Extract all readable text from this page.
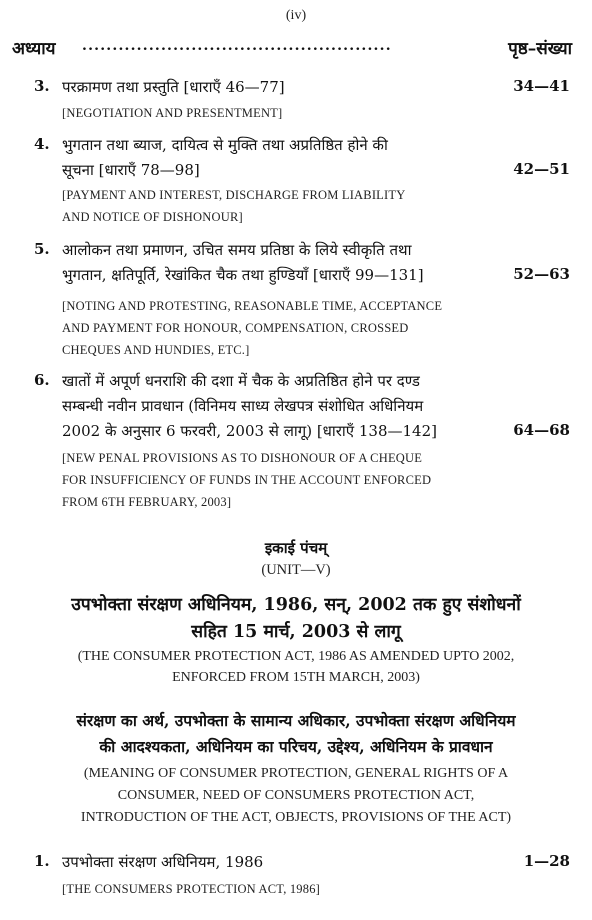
(iv)
अध्याय ...................................................	पृष्ठ–संख्या
3. परक्रामण तथा प्रस्तुति [धाराएँ 46—77]	34—41
[NEGOTIATION AND PRESENTMENT]
4. भुगतान तथा ब्याज, दायित्व से मुक्ति तथा अप्रतिष्ठित होने की
सूचना [धाराएँ 78—98]	42—51
[PAYMENT AND INTEREST, DISCHARGE FROM LIABILITY
AND NOTICE OF DISHONOUR]
5. आलोकन तथा प्रमाणन, उचित समय प्रतिष्ठा के लिये स्वीकृति तथा
भुगतान, क्षतिपूर्ति, रेखांकित चैक तथा हुण्डियाँ [धाराएँ 99—131]	52—63
[NOTING AND PROTESTING, REASONABLE TIME, ACCEPTANCE
AND PAYMENT FOR HONOUR, COMPENSATION, CROSSED
CHEQUES AND HUNDIES, ETC.]
6. खातों में अपूर्ण धनराशि की दशा में चैक के अप्रतिष्ठित होने पर दण्ड
सम्बन्धी नवीन प्रावधान (विनिमय साध्य लेखपत्र संशोधित अधिनियम
2002 के अनुसार 6 फरवरी, 2003 से लागू) [धाराएँ 138—142]	64—68
[NEW PENAL PROVISIONS AS TO DISHONOUR OF A CHEQUE
FOR INSUFFICIENCY OF FUNDS IN THE ACCOUNT ENFORCED
FROM 6TH FEBRUARY, 2003]
इकाई पंचम्
(UNIT—V)
उपभोक्ता संरक्षण अधिनियम, 1986, सन्, 2002 तक हुए संशोधनों
सहित 15 मार्च, 2003 से लागू
(THE CONSUMER PROTECTION ACT, 1986 AS AMENDED UPTO 2002,
ENFORCED FROM 15TH MARCH, 2003)
संरक्षण का अर्थ, उपभोक्ता के सामान्य अधिकार, उपभोक्ता संरक्षण अधिनियम
की आदश्यकता, अधिनियम का परिचय, उद्देश्य, अधिनियम के प्रावधान
(MEANING OF CONSUMER PROTECTION, GENERAL RIGHTS OF A
CONSUMER, NEED OF CONSUMERS PROTECTION ACT,
INTRODUCTION OF THE ACT, OBJECTS, PROVISIONS OF THE ACT)
1. उपभोक्ता संरक्षण अधिनियम, 1986	1—28
[THE CONSUMERS PROTECTION ACT, 1986]
